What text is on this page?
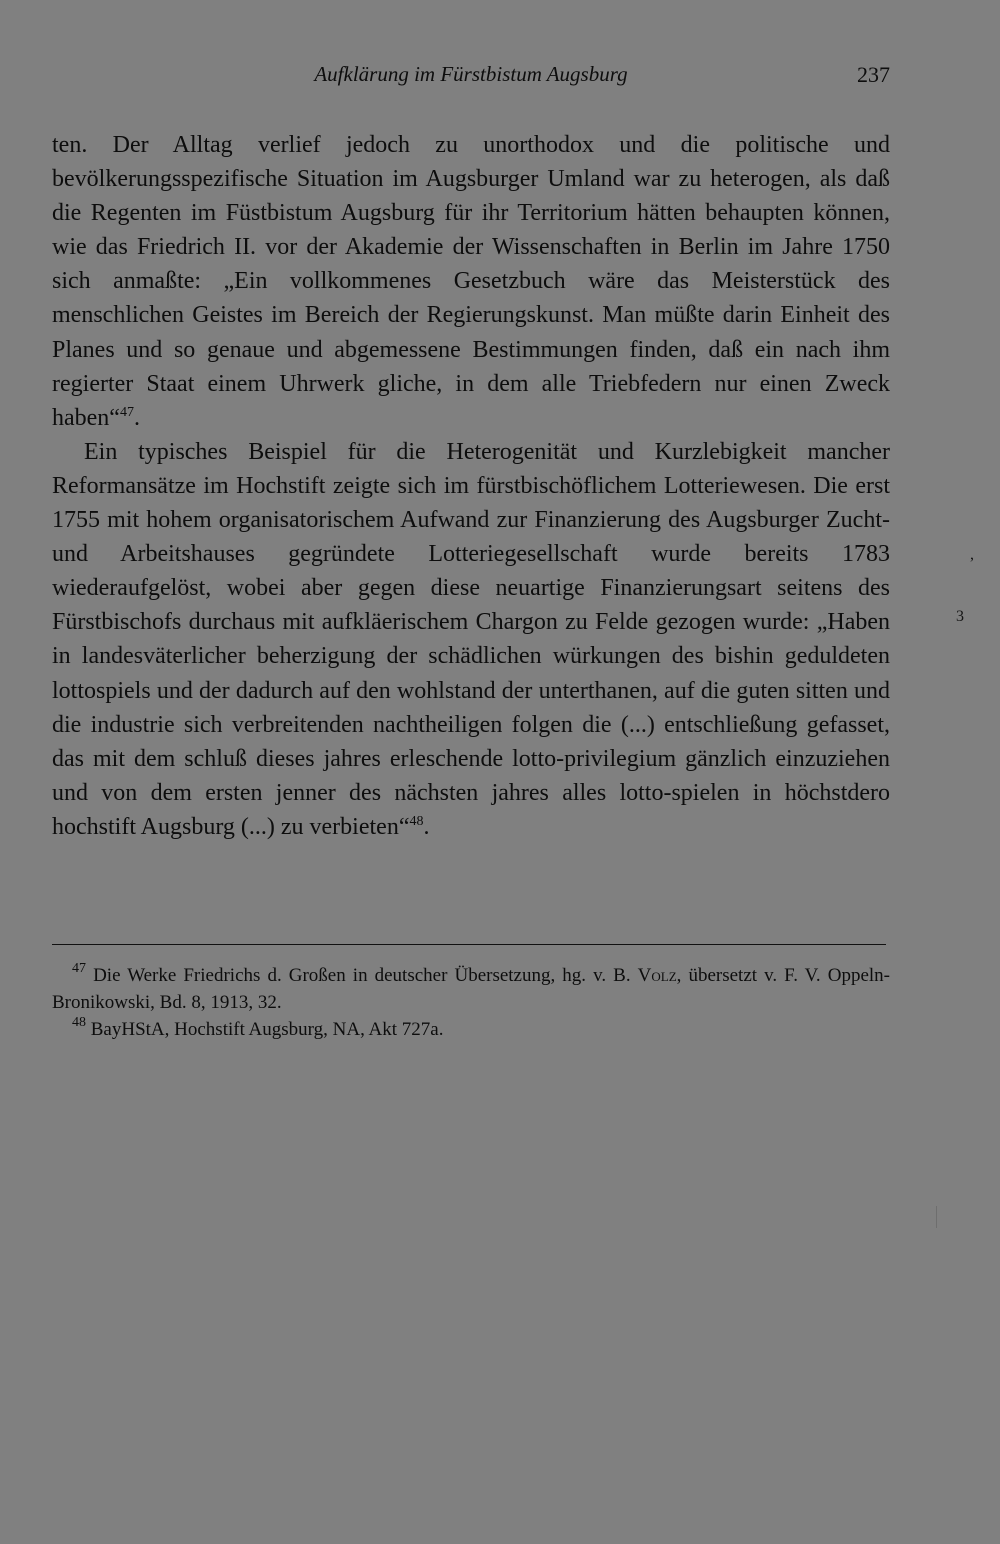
Aufklärung im Fürstbistum Augsburg	237

ten. Der Alltag verlief jedoch zu unorthodox und die politische und bevölkerungsspezifische Situation im Augsburger Umland war zu heterogen, als daß die Regenten im Füstbistum Augsburg für ihr Territorium hätten behaupten können, wie das Friedrich II. vor der Akademie der Wissenschaften in Berlin im Jahre 1750 sich anmaßte: „Ein vollkommenes Gesetzbuch wäre das Meisterstück des menschlichen Geistes im Bereich der Regierungskunst. Man müßte darin Einheit des Planes und so genaue und abgemessene Bestimmungen finden, daß ein nach ihm regierter Staat einem Uhrwerk gliche, in dem alle Triebfedern nur einen Zweck haben“$^{47}$.

Ein typisches Beispiel für die Heterogenität und Kurzlebigkeit mancher Reformansätze im Hochstift zeigte sich im fürstbischöflichem Lotteriewesen. Die erst 1755 mit hohem organisatorischem Aufwand zur Finanzierung des Augsburger Zucht- und Arbeitshauses gegründete Lotteriegesellschaft wurde bereits 1783 wiederaufgelöst, wobei aber gegen diese neuartige Finanzierungsart seitens des Fürstbischofs durchaus mit aufkläerischem Chargon zu Felde gezogen wurde: „Haben in landesväterlicher beherzigung der schädlichen würkungen des bishin geduldeten lottospiels und der dadurch auf den wohlstand der unterthanen, auf die guten sitten und die industrie sich verbreitenden nachtheiligen folgen die (...) entschließung gefasset, das mit dem schluß dieses jahres erleschende lotto-privilegium gänzlich einzuziehen und von dem ersten jenner des nächsten jahres alles lotto-spielen in höchstdero hochstift Augsburg (...) zu verbieten“$^{48}$.

$^{47}$ Die Werke Friedrichs d. Großen in deutscher Übersetzung, hg. v. B. Volz, übersetzt v. F. V. Oppeln-Bronikowski, Bd. 8, 1913, 32.

$^{48}$ BayHStA, Hochstift Augsburg, NA, Akt 727a.

,
3
